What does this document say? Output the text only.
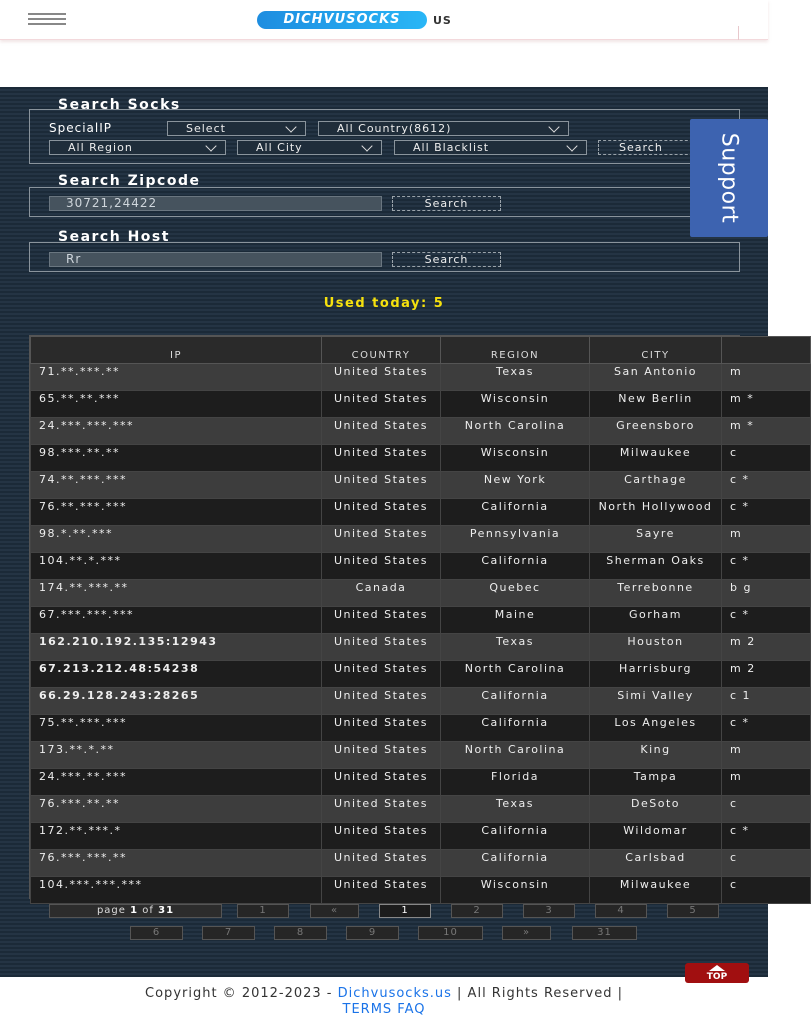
DICHVUSOCKS	US
Search Socks
SpecialIP	Select	All Country(8612)
All Region	All City	All Blacklist	Search
Search Zipcode
30721,24422	Search
Search Host
Rr	Search
Support
Used today: 5
IP	COUNTRY	REGION	CITY	
71.**.***.**	United States	Texas	San Antonio	m
65.**.**.***	United States	Wisconsin	New Berlin	m *
24.***.***.***	United States	North Carolina	Greensboro	m *
98.***.**.**	United States	Wisconsin	Milwaukee	c
74.**.***.***	United States	New York	Carthage	c *
76.**.***.***	United States	California	North Hollywood	c *
98.*.**.***	United States	Pennsylvania	Sayre	m
104.**.*.***	United States	California	Sherman Oaks	c *
174.**.***.**	Canada	Quebec	Terrebonne	b g
67.***.***.***	United States	Maine	Gorham	c *
162.210.192.135:12943	United States	Texas	Houston	m 2
67.213.212.48:54238	United States	North Carolina	Harrisburg	m 2
66.29.128.243:28265	United States	California	Simi Valley	c 1
75.**.***.***	United States	California	Los Angeles	c *
173.**.*.**	United States	North Carolina	King	m
24.***.**.***	United States	Florida	Tampa	m
76.***.**.**	United States	Texas	DeSoto	c
172.**.***.*	United States	California	Wildomar	c *
76.***.***.**	United States	California	Carlsbad	c
104.***.***.***	United States	Wisconsin	Milwaukee	c
page 1 of 31	1	«	1	2	3	4	5
6	7	8	9	10	»	31
TOP
Copyright © 2012-2023 - Dichvusocks.us | All Rights Reserved |
TERMS FAQ
